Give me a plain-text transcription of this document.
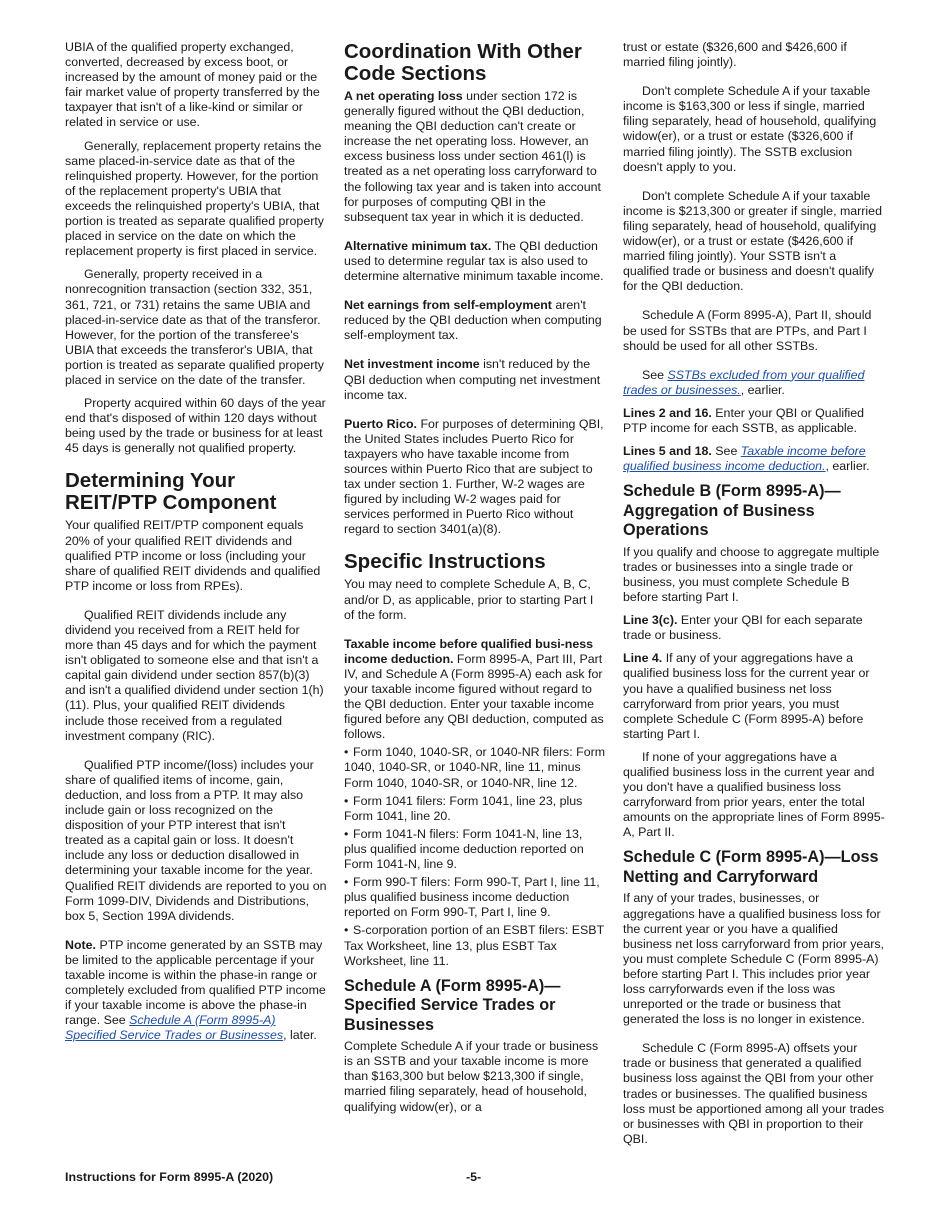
UBIA of the qualified property exchanged, converted, decreased by excess boot, or increased by the amount of money paid or the fair market value of property transferred by the taxpayer that isn't of a like-kind or similar or related in service or use.

Generally, replacement property retains the same placed-in-service date as that of the relinquished property. However, for the portion of the replacement property's UBIA that exceeds the relinquished property's UBIA, that portion is treated as separate qualified property placed in service on the date on which the replacement property is first placed in service.

Generally, property received in a nonrecognition transaction (section 332, 351, 361, 721, or 731) retains the same UBIA and placed-in-service date as that of the transferor. However, for the portion of the transferee's UBIA that exceeds the transferor's UBIA, that portion is treated as separate qualified property placed in service on the date of the transfer.

Property acquired within 60 days of the year end that's disposed of within 120 days without being used by the trade or business for at least 45 days is generally not qualified property.

Determining Your REIT/PTP Component

Your qualified REIT/PTP component equals 20% of your qualified REIT dividends and qualified PTP income or loss (including your share of qualified REIT dividends and qualified PTP income or loss from RPEs).

Qualified REIT dividends include any dividend you received from a REIT held for more than 45 days and for which the payment isn't obligated to someone else and that isn't a capital gain dividend under section 857(b)(3) and isn't a qualified dividend under section 1(h)(11). Plus, your qualified REIT dividends include those received from a regulated investment company (RIC).

Qualified PTP income/(loss) includes your share of qualified items of income, gain, deduction, and loss from a PTP. It may also include gain or loss recognized on the disposition of your PTP interest that isn't treated as a capital gain or loss. It doesn't include any loss or deduction disallowed in determining your taxable income for the year. Qualified REIT dividends are reported to you on Form 1099-DIV, Dividends and Distributions, box 5, Section 199A dividends.

Note. PTP income generated by an SSTB may be limited to the applicable percentage if your taxable income is within the phase-in range or completely excluded from qualified PTP income if your taxable income is above the phase-in range. See Schedule A (Form 8995-A) Specified Service Trades or Businesses, later.

Coordination With Other Code Sections

A net operating loss under section 172 is generally figured without the QBI deduction, meaning the QBI deduction can't create or increase the net operating loss. However, an excess business loss under section 461(l) is treated as a net operating loss carryforward to the following tax year and is taken into account for purposes of computing QBI in the subsequent tax year in which it is deducted.

Alternative minimum tax. The QBI deduction used to determine regular tax is also used to determine alternative minimum taxable income.

Net earnings from self-employment aren't reduced by the QBI deduction when computing self-employment tax.

Net investment income isn't reduced by the QBI deduction when computing net investment income tax.

Puerto Rico. For purposes of determining QBI, the United States includes Puerto Rico for taxpayers who have taxable income from sources within Puerto Rico that are subject to tax under section 1. Further, W-2 wages are figured by including W-2 wages paid for services performed in Puerto Rico without regard to section 3401(a)(8).

Specific Instructions

You may need to complete Schedule A, B, C, and/or D, as applicable, prior to starting Part I of the form.

Taxable income before qualified busi-ness income deduction. Form 8995-A, Part III, Part IV, and Schedule A (Form 8995-A) each ask for your taxable income figured without regard to the QBI deduction. Enter your taxable income figured before any QBI deduction, computed as follows.

• Form 1040, 1040-SR, or 1040-NR filers: Form 1040, 1040-SR, or 1040-NR, line 11, minus Form 1040, 1040-SR, or 1040-NR, line 12.
• Form 1041 filers: Form 1041, line 23, plus Form 1041, line 20.
• Form 1041-N filers: Form 1041-N, line 13, plus qualified income deduction reported on Form 1041-N, line 9.
• Form 990-T filers: Form 990-T, Part I, line 11, plus qualified business income deduction reported on Form 990-T, Part I, line 9.
• S-corporation portion of an ESBT filers: ESBT Tax Worksheet, line 13, plus ESBT Tax Worksheet, line 11.
Schedule A (Form 8995-A)—Specified Service Trades or Businesses

Complete Schedule A if your trade or business is an SSTB and your taxable income is more than $163,300 but below $213,300 if single, married filing separately, head of household, qualifying widow(er), or a

trust or estate ($326,600 and $426,600 if married filing jointly).

Don't complete Schedule A if your taxable income is $163,300 or less if single, married filing separately, head of household, qualifying widow(er), or a trust or estate ($326,600 if married filing jointly). The SSTB exclusion doesn't apply to you.

Don't complete Schedule A if your taxable income is $213,300 or greater if single, married filing separately, head of household, qualifying widow(er), or a trust or estate ($426,600 if married filing jointly). Your SSTB isn't a qualified trade or business and doesn't qualify for the QBI deduction.

Schedule A (Form 8995-A), Part II, should be used for SSTBs that are PTPs, and Part I should be used for all other SSTBs.

See SSTBs excluded from your qualified trades or businesses., earlier.

Lines 2 and 16. Enter your QBI or Qualified PTP income for each SSTB, as applicable.

Lines 5 and 18. See Taxable income before qualified business income deduction., earlier.

Schedule B (Form 8995-A)—Aggregation of Business Operations

If you qualify and choose to aggregate multiple trades or businesses into a single trade or business, you must complete Schedule B before starting Part I.

Line 3(c). Enter your QBI for each separate trade or business.

Line 4. If any of your aggregations have a qualified business loss for the current year or you have a qualified business net loss carryforward from prior years, you must complete Schedule C (Form 8995-A) before starting Part I.

If none of your aggregations have a qualified business loss in the current year and you don't have a qualified business loss carryforward from prior years, enter the total amounts on the appropriate lines of Form 8995-A, Part II.

Schedule C (Form 8995-A)—Loss Netting and Carryforward

If any of your trades, businesses, or aggregations have a qualified business loss for the current year or you have a qualified business net loss carryforward from prior years, you must complete Schedule C (Form 8995-A) before starting Part I. This includes prior year loss carryforwards even if the loss was unreported or the trade or business that generated the loss is no longer in existence.

Schedule C (Form 8995-A) offsets your trade or business that generated a qualified business loss against the QBI from your other trades or businesses. The qualified business loss must be apportioned among all your trades or businesses with QBI in proportion to their QBI.

Instructions for Form 8995-A (2020)	-5-
